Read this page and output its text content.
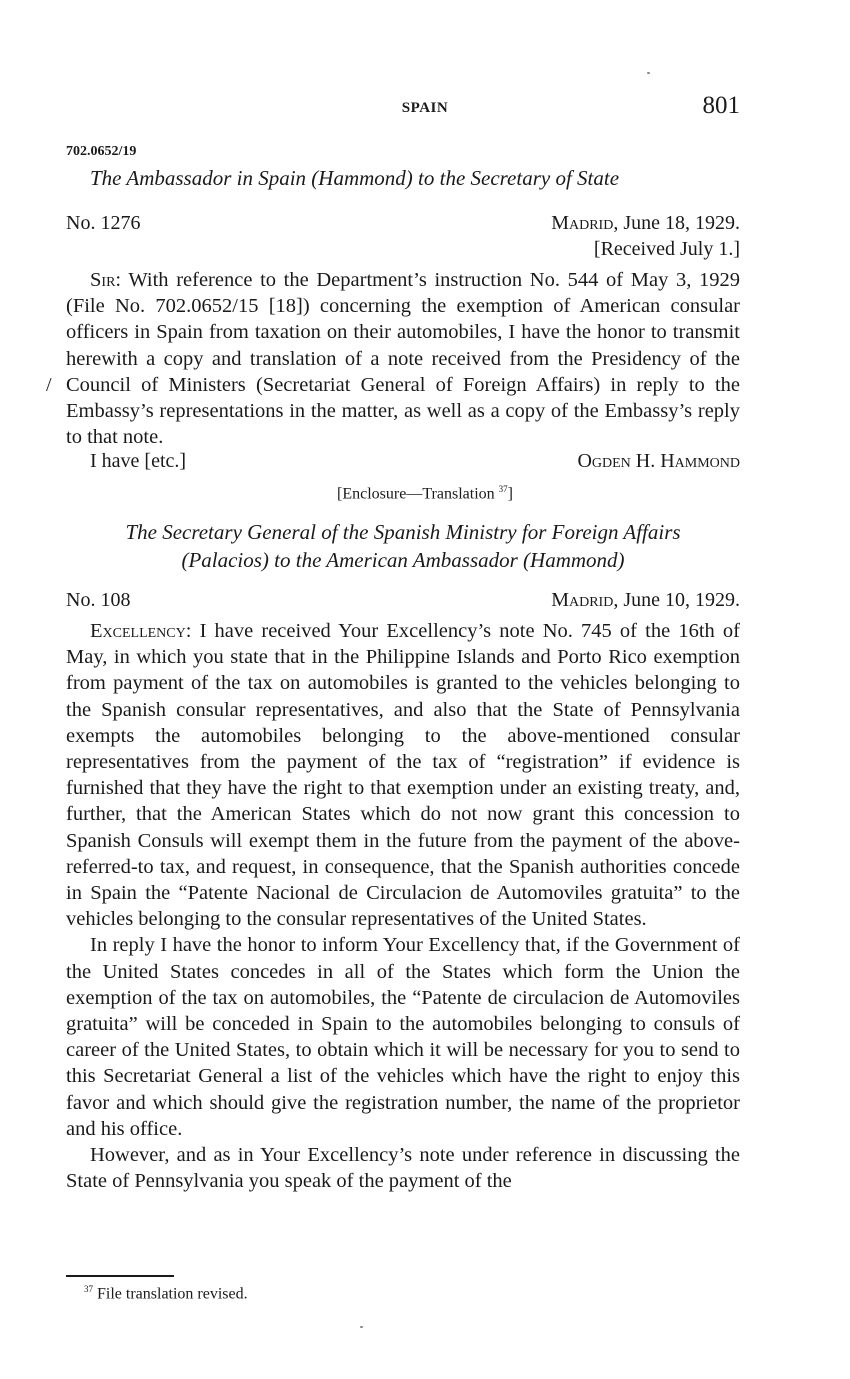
SPAIN	801
702.0652/19
The Ambassador in Spain (Hammond) to the Secretary of State
No. 1276	Madrid, June 18, 1929.
[Received July 1.]

Sir: With reference to the Department’s instruction No. 544 of May 3, 1929 (File No. 702.0652/15 [18]) concerning the exemption of American consular officers in Spain from taxation on their automobiles, I have the honor to transmit herewith a copy and translation of a note received from the Presidency of the Council of Ministers (Secretariat General of Foreign Affairs) in reply to the Embassy’s representations in the matter, as well as a copy of the Embassy’s reply to that note.

I have [etc.]	Ogden H. Hammond
[Enclosure—Translation $^{37}$]
The Secretary General of the Spanish Ministry for Foreign Affairs
(Palacios) to the American Ambassador (Hammond)
No. 108	Madrid, June 10, 1929.

Excellency: I have received Your Excellency’s note No. 745 of the 16th of May, in which you state that in the Philippine Islands and Porto Rico exemption from payment of the tax on automobiles is granted to the vehicles belonging to the Spanish consular representatives, and also that the State of Pennsylvania exempts the automobiles belonging to the above-mentioned consular representatives from the payment of the tax of “registration” if evidence is furnished that they have the right to that exemption under an existing treaty, and, further, that the American States which do not now grant this concession to Spanish Consuls will exempt them in the future from the payment of the above-referred-to tax, and request, in consequence, that the Spanish authorities concede in Spain the “Patente Nacional de Circulacion de Automoviles gratuita” to the vehicles belonging to the consular representatives of the United States.

In reply I have the honor to inform Your Excellency that, if the Government of the United States concedes in all of the States which form the Union the exemption of the tax on automobiles, the “Patente de circulacion de Automoviles gratuita” will be conceded in Spain to the automobiles belonging to consuls of career of the United States, to obtain which it will be necessary for you to send to this Secretariat General a list of the vehicles which have the right to enjoy this favor and which should give the registration number, the name of the proprietor and his office.

However, and as in Your Excellency’s note under reference in discussing the State of Pennsylvania you speak of the payment of the

$^{37}$ File translation revised.
/
